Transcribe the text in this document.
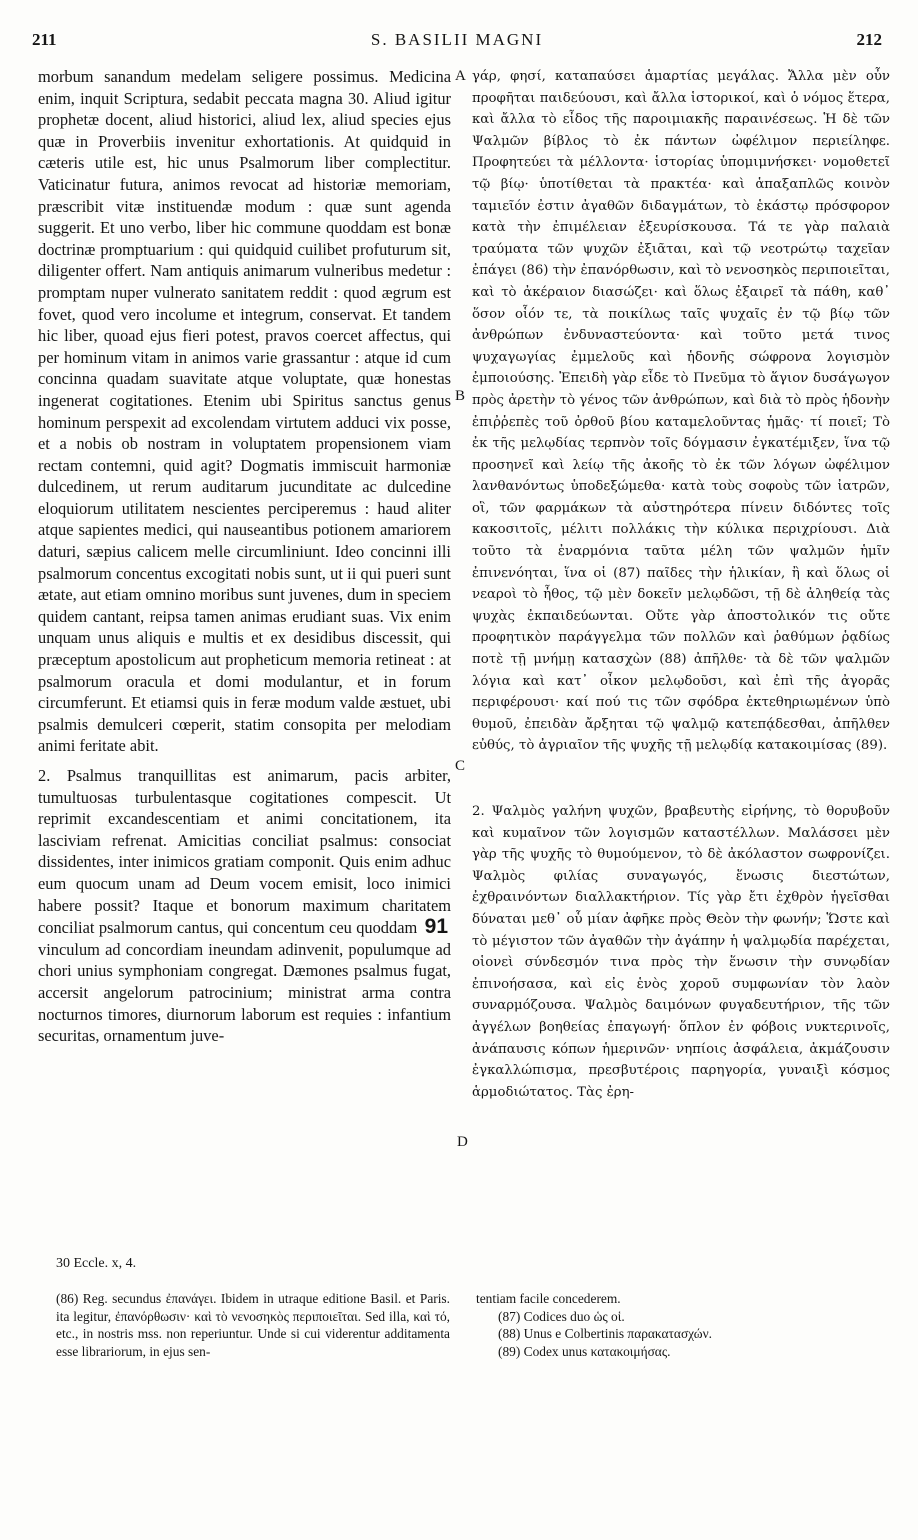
211	S. BASILII MAGNI	212

morbum sanandum medelam seligere possimus. Medicina enim, inquit Scriptura, sedabit peccata magna 30. Aliud igitur prophetæ docent, aliud historici, aliud lex, aliud species ejus quæ in Proverbiis invenitur exhortationis. At quidquid in cæteris utile est, hic unus Psalmorum liber complectitur. Vaticinatur futura, animos revocat ad historiæ memoriam, præscribit vitæ instituendæ modum : quæ sunt agenda suggerit. Et uno verbo, liber hic commune quoddam est bonæ doctrinæ promptuarium : qui quidquid cuilibet profuturum sit, diligenter offert. Nam antiquis animarum vulneribus medetur : promptam nuper vulnerato sanitatem reddit : quod ægrum est fovet, quod vero incolume et integrum, conservat. Et tandem hic liber, quoad ejus fieri potest, pravos coercet affectus, qui per hominum vitam in animos varie grassantur : atque id cum concinna quadam suavitate atque voluptate, quæ honestas ingenerat cogitationes. Etenim ubi Spiritus sanctus genus hominum perspexit ad excolendam virtutem adduci vix posse, et a nobis ob nostram in voluptatem propensionem viam rectam contemni, quid agit? Dogmatis immiscuit harmoniæ dulcedinem, ut rerum auditarum jucunditate ac dulcedine eloquiorum utilitatem nescientes perciperemus : haud aliter atque sapientes medici, qui nauseantibus potionem amariorem daturi, sæpius calicem melle circumliniunt. Ideo concinni illi psalmorum concentus excogitati nobis sunt, ut ii qui pueri sunt ætate, aut etiam omnino moribus sunt juvenes, dum in speciem quidem cantant, reipsa tamen animas erudiant suas. Vix enim unquam unus aliquis e multis et ex desidibus discessit, qui præceptum apostolicum aut propheticum memoria retineat : at psalmorum oracula et domi modulantur, et in forum circumferunt. Et etiamsi quis in feræ modum valde æstuet, ubi psalmis demulceri cœperit, statim consopita per melodiam animi feritate abit.

2. Psalmus tranquillitas est animarum, pacis arbiter, tumultuosas turbulentasque cogitationes compescit. Ut reprimit excandescentiam et animi concitationem, ita lasciviam refrenat. Amicitias conciliat psalmus: consociat dissidentes, inter inimicos gratiam componit. Quis enim adhuc eum quocum unam ad Deum vocem emisit, loco inimici habere possit? Itaque et bonorum maximum charitatem conciliat psalmorum cantus, qui concentum ceu quoddam 91 vinculum ad concordiam ineundam adinvenit, populumque ad chori unius symphoniam congregat. Dæmones psalmus fugat, accersit angelorum patrocinium; ministrat arma contra nocturnos timores, diurnorum laborum est requies : infantium securitas, ornamentum juve-

γάρ, φησί, καταπαύσει ἁμαρτίας μεγάλας. Ἄλλα μὲν οὖν προφῆται παιδεύουσι, καὶ ἄλλα ἱστορικοί, καὶ ὁ νόμος ἕτερα, καὶ ἄλλα τὸ εἶδος τῆς παροιμιακῆς παραινέσεως. Ἡ δὲ τῶν Ψαλμῶν βίβλος τὸ ἐκ πάντων ὠφέλιμον περιείληφε. Προφητεύει τὰ μέλλοντα· ἱστορίας ὑπομιμνήσκει· νομοθετεῖ τῷ βίῳ· ὑποτίθεται τὰ πρακτέα· καὶ ἁπαξαπλῶς κοινὸν ταμιεῖόν ἐστιν ἀγαθῶν διδαγμάτων, τὸ ἑκάστῳ πρόσφορον κατὰ τὴν ἐπιμέλειαν ἐξευρίσκουσα. Τά τε γὰρ παλαιὰ τραύματα τῶν ψυχῶν ἐξιᾶται, καὶ τῷ νεοτρώτῳ ταχεῖαν ἐπάγει (86) τὴν ἐπανόρθωσιν, καὶ τὸ νενοσηκὸς περιποιεῖται, καὶ τὸ ἀκέραιον διασώζει· καὶ ὅλως ἐξαιρεῖ τὰ πάθη, καθ᾽ ὅσον οἷόν τε, τὰ ποικίλως ταῖς ψυχαῖς ἐν τῷ βίῳ τῶν ἀνθρώπων ἐνδυναστεύοντα· καὶ τοῦτο μετά τινος ψυχαγωγίας ἐμμελοῦς καὶ ἡδονῆς σώφρονα λογισμὸν ἐμποιούσης. Ἐπειδὴ γὰρ εἶδε τὸ Πνεῦμα τὸ ἅγιον δυσάγωγον πρὸς ἀρετὴν τὸ γένος τῶν ἀνθρώπων, καὶ διὰ τὸ πρὸς ἡδονὴν ἐπιῤῥεπὲς τοῦ ὀρθοῦ βίου καταμελοῦντας ἡμᾶς· τί ποιεῖ; Τὸ ἐκ τῆς μελῳδίας τερπνὸν τοῖς δόγμασιν ἐγκατέμιξεν, ἵνα τῷ προσηνεῖ καὶ λείῳ τῆς ἀκοῆς τὸ ἐκ τῶν λόγων ὠφέλιμον λανθανόντως ὑποδεξώμεθα· κατὰ τοὺς σοφοὺς τῶν ἰατρῶν, οἳ, τῶν φαρμάκων τὰ αὐστηρότερα πίνειν διδόντες τοῖς κακοσιτοῖς, μέλιτι πολλάκις τὴν κύλικα περιχρίουσι. Διὰ τοῦτο τὰ ἐναρμόνια ταῦτα μέλη τῶν ψαλμῶν ἡμῖν ἐπινενόηται, ἵνα οἱ (87) παῖδες τὴν ἡλικίαν, ἢ καὶ ὅλως οἱ νεαροὶ τὸ ἦθος, τῷ μὲν δοκεῖν μελῳδῶσι, τῇ δὲ ἀληθείᾳ τὰς ψυχὰς ἐκπαιδεύωνται. Οὔτε γὰρ ἀποστολικόν τις οὔτε προφητικὸν παράγγελμα τῶν πολλῶν καὶ ῥαθύμων ῥᾳδίως ποτὲ τῇ μνήμῃ κατασχὼν (88) ἀπῆλθε· τὰ δὲ τῶν ψαλμῶν λόγια καὶ κατ᾽ οἶκον μελῳδοῦσι, καὶ ἐπὶ τῆς ἀγορᾶς περιφέρουσι· καί πού τις τῶν σφόδρα ἐκτεθηριωμένων ὑπὸ θυμοῦ, ἐπειδὰν ἄρξηται τῷ ψαλμῷ κατεπᾴδεσθαι, ἀπῆλθεν εὐθύς, τὸ ἀγριαῖον τῆς ψυχῆς τῇ μελῳδίᾳ κατακοιμίσας (89).

2. Ψαλμὸς γαλήνη ψυχῶν, βραβευτὴς εἰρήνης, τὸ θορυβοῦν καὶ κυμαῖνον τῶν λογισμῶν καταστέλλων. Μαλάσσει μὲν γὰρ τῆς ψυχῆς τὸ θυμούμενον, τὸ δὲ ἀκόλαστον σωφρονίζει. Ψαλμὸς φιλίας συναγωγός, ἕνωσις διεστώτων, ἐχθραινόντων διαλλακτήριον. Τίς γὰρ ἔτι ἐχθρὸν ἡγεῖσθαι δύναται μεθ᾽ οὗ μίαν ἀφῆκε πρὸς Θεὸν τὴν φωνήν; Ὥστε καὶ τὸ μέγιστον τῶν ἀγαθῶν τὴν ἀγάπην ἡ ψαλμῳδία παρέχεται, οἱονεὶ σύνδεσμόν τινα πρὸς τὴν ἕνωσιν τὴν συνῳδίαν ἐπινοήσασα, καὶ εἰς ἑνὸς χοροῦ συμφωνίαν τὸν λαὸν συναρμόζουσα. Ψαλμὸς δαιμόνων φυγαδευτήριον, τῆς τῶν ἀγγέλων βοηθείας ἐπαγωγή· ὅπλον ἐν φόβοις νυκτερινοῖς, ἀνάπαυσις κόπων ἡμερινῶν· νηπίοις ἀσφάλεια, ἀκμάζουσιν ἐγκαλλώπισμα, πρεσβυτέροις παρηγορία, γυναιξὶ κόσμος ἁρμοδιώτατος. Τὰς ἐρη-

A
B
C
D
30 Eccle. x, 4.

(86) Reg. secundus ἐπανάγει. Ibidem in utraque editione Basil. et Paris. ita legitur, ἐπανόρθωσιν· καὶ τὸ νενοσηκὸς περιποιεῖται. Sed illa, καὶ τό, etc., in nostris mss. non reperiuntur. Unde si cui viderentur additamenta esse librariorum, in ejus sen-

tentiam facile concederem.
(87) Codices duo ὡς οἱ.
(88) Unus e Colbertinis παρακατασχών.
(89) Codex unus κατακοιμήσας.
